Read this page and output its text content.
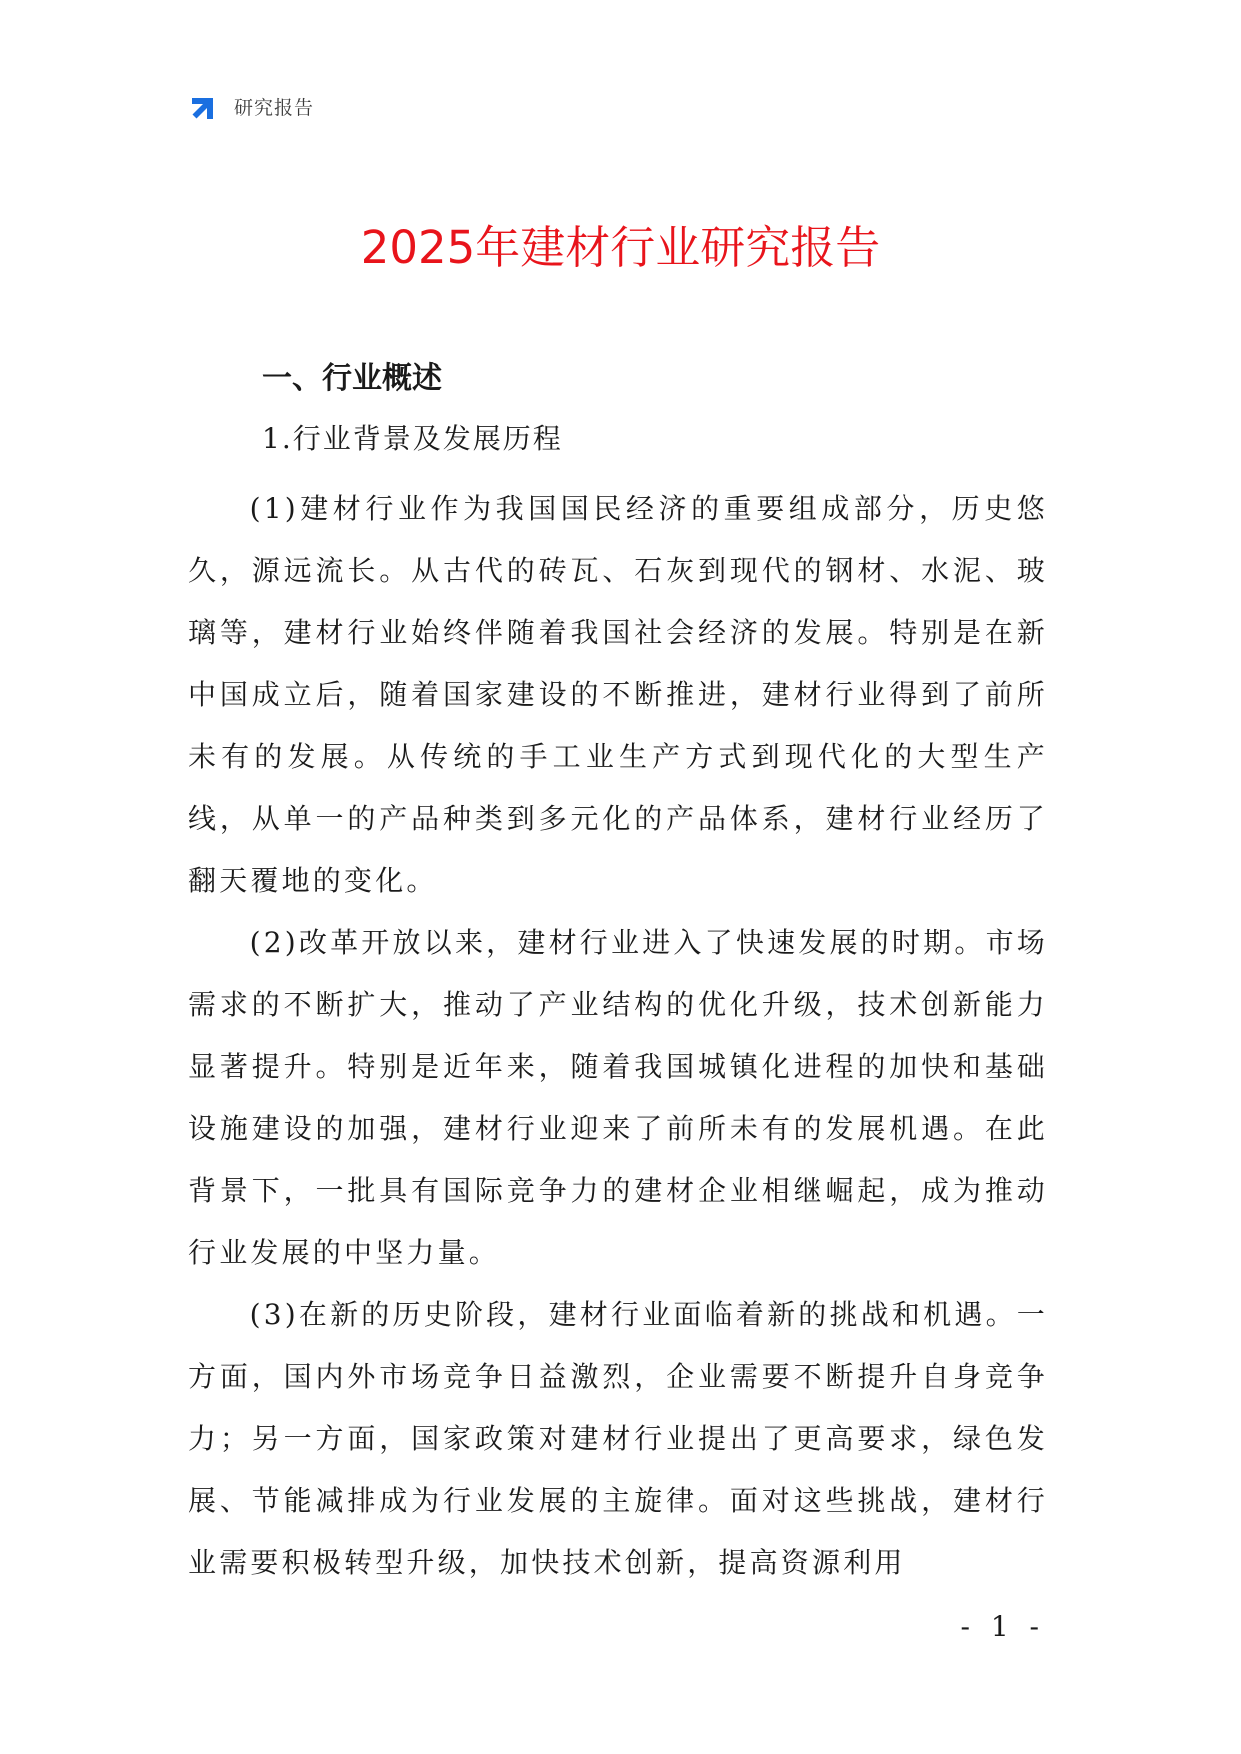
研究报告
2025年建材行业研究报告
一、行业概述
1.行业背景及发展历程

(1)建材行业作为我国国民经济的重要组成部分，历史悠久，源远流长。从古代的砖瓦、石灰到现代的钢材、水泥、玻璃等，建材行业始终伴随着我国社会经济的发展。特别是在新中国成立后，随着国家建设的不断推进，建材行业得到了前所未有的发展。从传统的手工业生产方式到现代化的大型生产线，从单一的产品种类到多元化的产品体系，建材行业经历了翻天覆地的变化。

(2)改革开放以来，建材行业进入了快速发展的时期。市场需求的不断扩大，推动了产业结构的优化升级，技术创新能力显著提升。特别是近年来，随着我国城镇化进程的加快和基础设施建设的加强，建材行业迎来了前所未有的发展机遇。在此背景下，一批具有国际竞争力的建材企业相继崛起，成为推动行业发展的中坚力量。

(3)在新的历史阶段，建材行业面临着新的挑战和机遇。一方面，国内外市场竞争日益激烈，企业需要不断提升自身竞争力；另一方面，国家政策对建材行业提出了更高要求，绿色发展、节能减排成为行业发展的主旋律。面对这些挑战，建材行业需要积极转型升级，加快技术创新，提高资源利用

- 1 -
